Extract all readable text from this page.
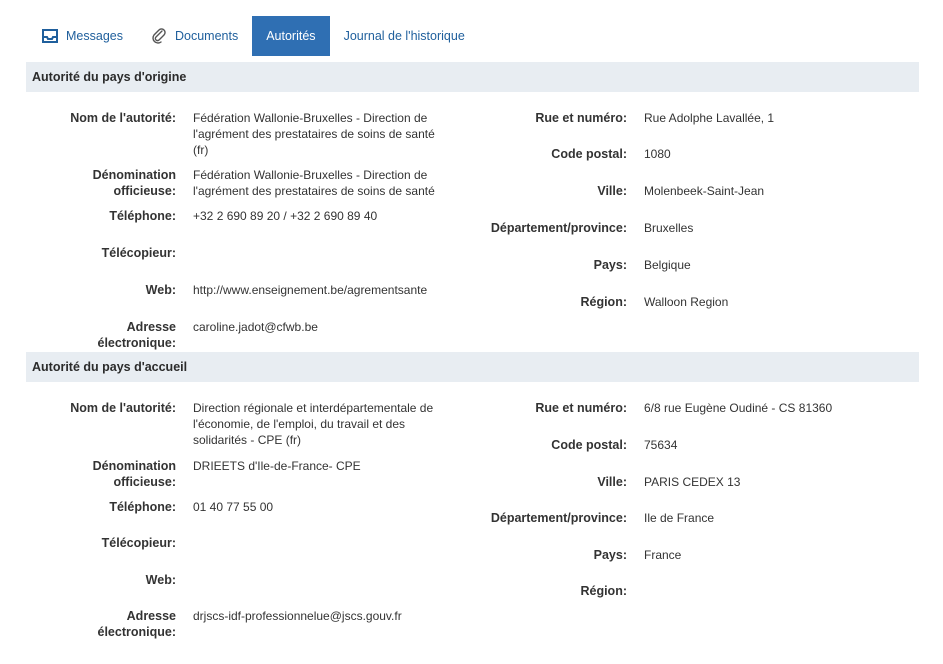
Messages	Documents Autorités Journal de l'historique
Autorité du pays d'origine
Nom de l'autorité: Fédération Wallonie-Bruxelles - Direction de
l'agrément des prestataires de soins de santé
(fr)
Dénomination
officieuse:
Fédération Wallonie-Bruxelles - Direction de
l'agrément des prestataires de soins de santé
Téléphone: +32 2 690 89 20 / +32 2 690 89 40
Télécopieur:
Web: http://www.enseignement.be/agrementsante
Adresse
électronique:
caroline.jadot@cfwb.be
Rue et numéro: Rue Adolphe Lavallée, 1
Code postal: 1080
Ville: Molenbeek-Saint-Jean
Département/province: Bruxelles
Pays: Belgique
Région: Walloon Region
Autorité du pays d'accueil
Nom de l'autorité: Direction régionale et interdépartementale de
l'économie, de l'emploi, du travail et des
solidarités - CPE (fr)
Dénomination
officieuse:
DRIEETS d'Ile-de-France- CPE
Téléphone: 01 40 77 55 00
Télécopieur:
Web:
Adresse
électronique:
drjscs-idf-professionnelue@jscs.gouv.fr
Rue et numéro: 6/8 rue Eugène Oudiné - CS 81360
Code postal: 75634
Ville: PARIS CEDEX 13
Département/province: Ile de France
Pays: France
Région:
